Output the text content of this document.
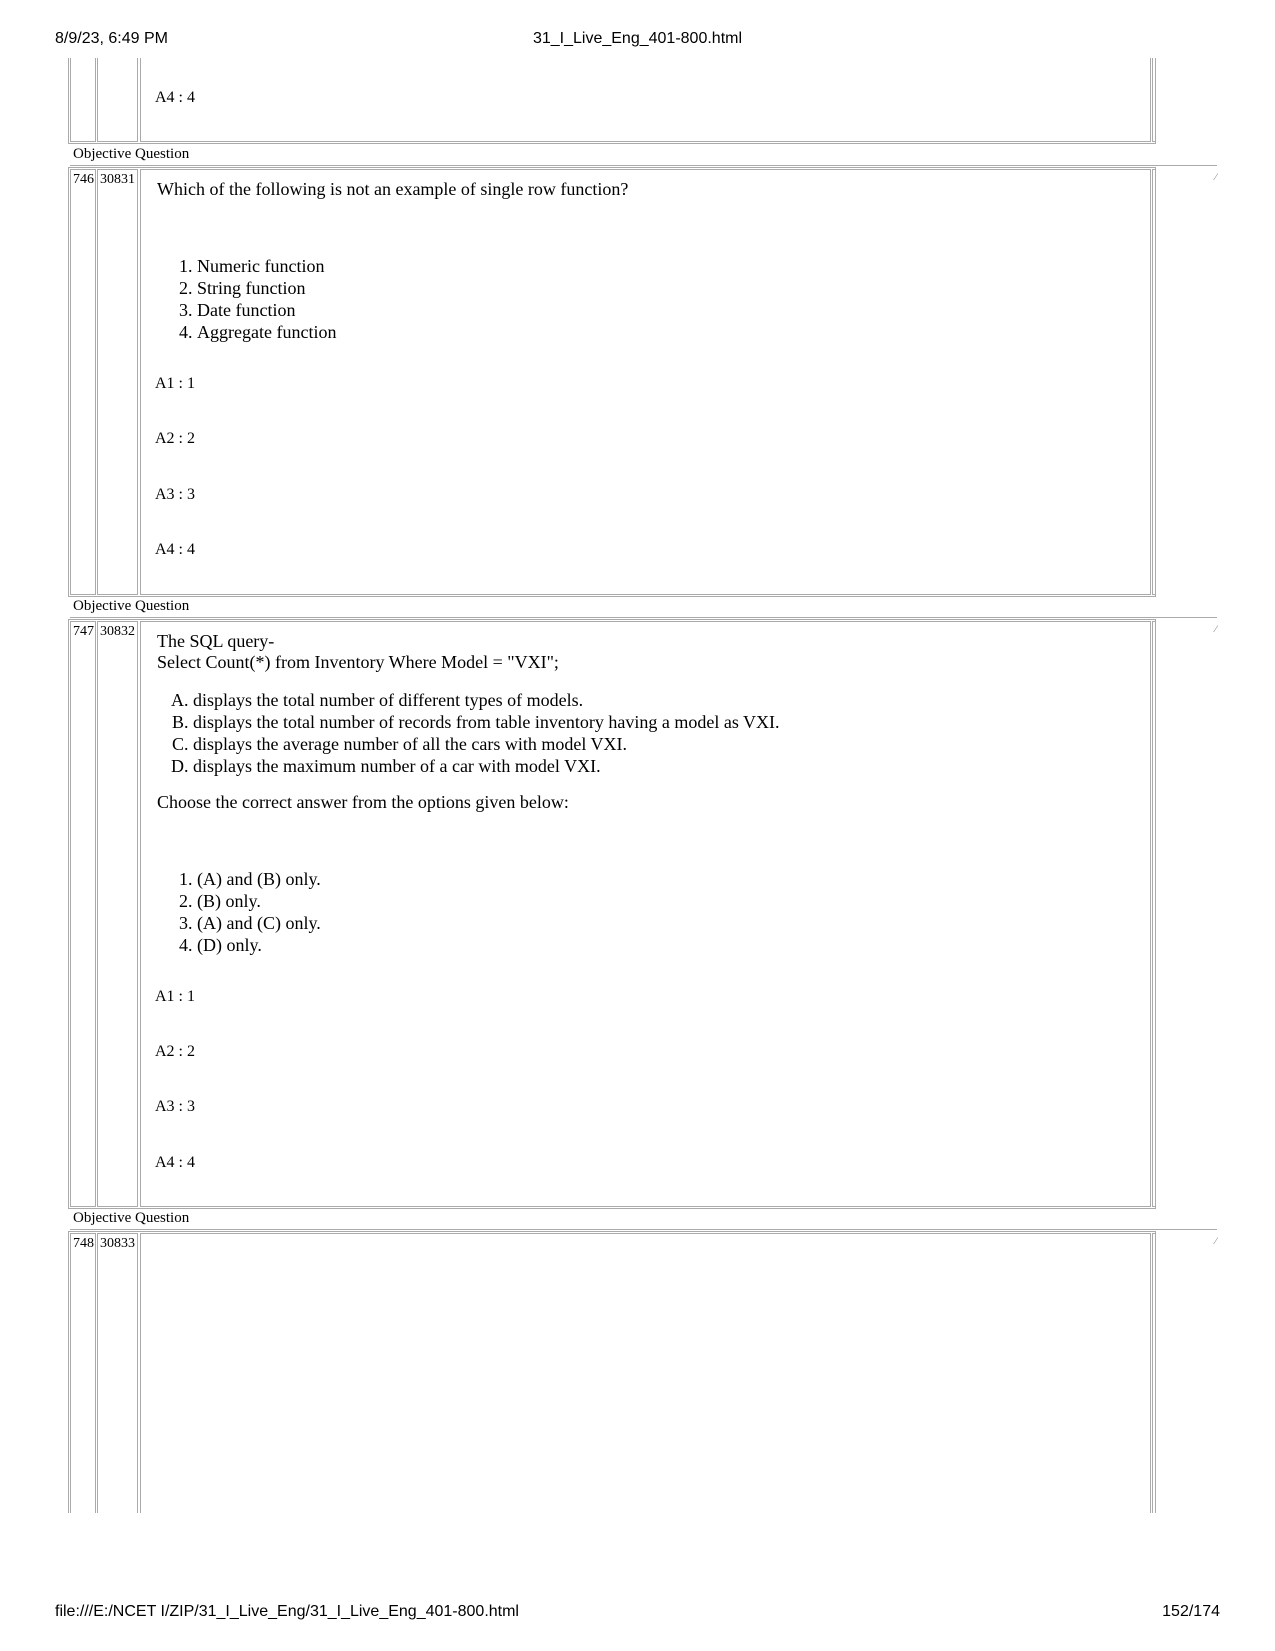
8/9/23, 6:49 PM	31_I_Live_Eng_401-800.html
file:///E:/NCET I/ZIP/31_I_Live_Eng/31_I_Live_Eng_401-800.html	152/174
A4 : 4
Objective Question
746 30831	⁄
Which of the following is not an example of single row function?
1. Numeric function
2. String function
3. Date function
4. Aggregate function
A1 : 1
A2 : 2
A3 : 3
A4 : 4
Objective Question
747 30832	⁄
The SQL query-
Select Count(*) from Inventory Where Model = "VXI";
A. displays the total number of different types of models.
B. displays the total number of records from table inventory having a model as VXI.
C. displays the average number of all the cars with model VXI.
D. displays the maximum number of a car with model VXI.
Choose the correct answer from the options given below:
1. (A) and (B) only.
2. (B) only.
3. (A) and (C) only.
4. (D) only.
A1 : 1
A2 : 2
A3 : 3
A4 : 4
Objective Question
748 30833	⁄
